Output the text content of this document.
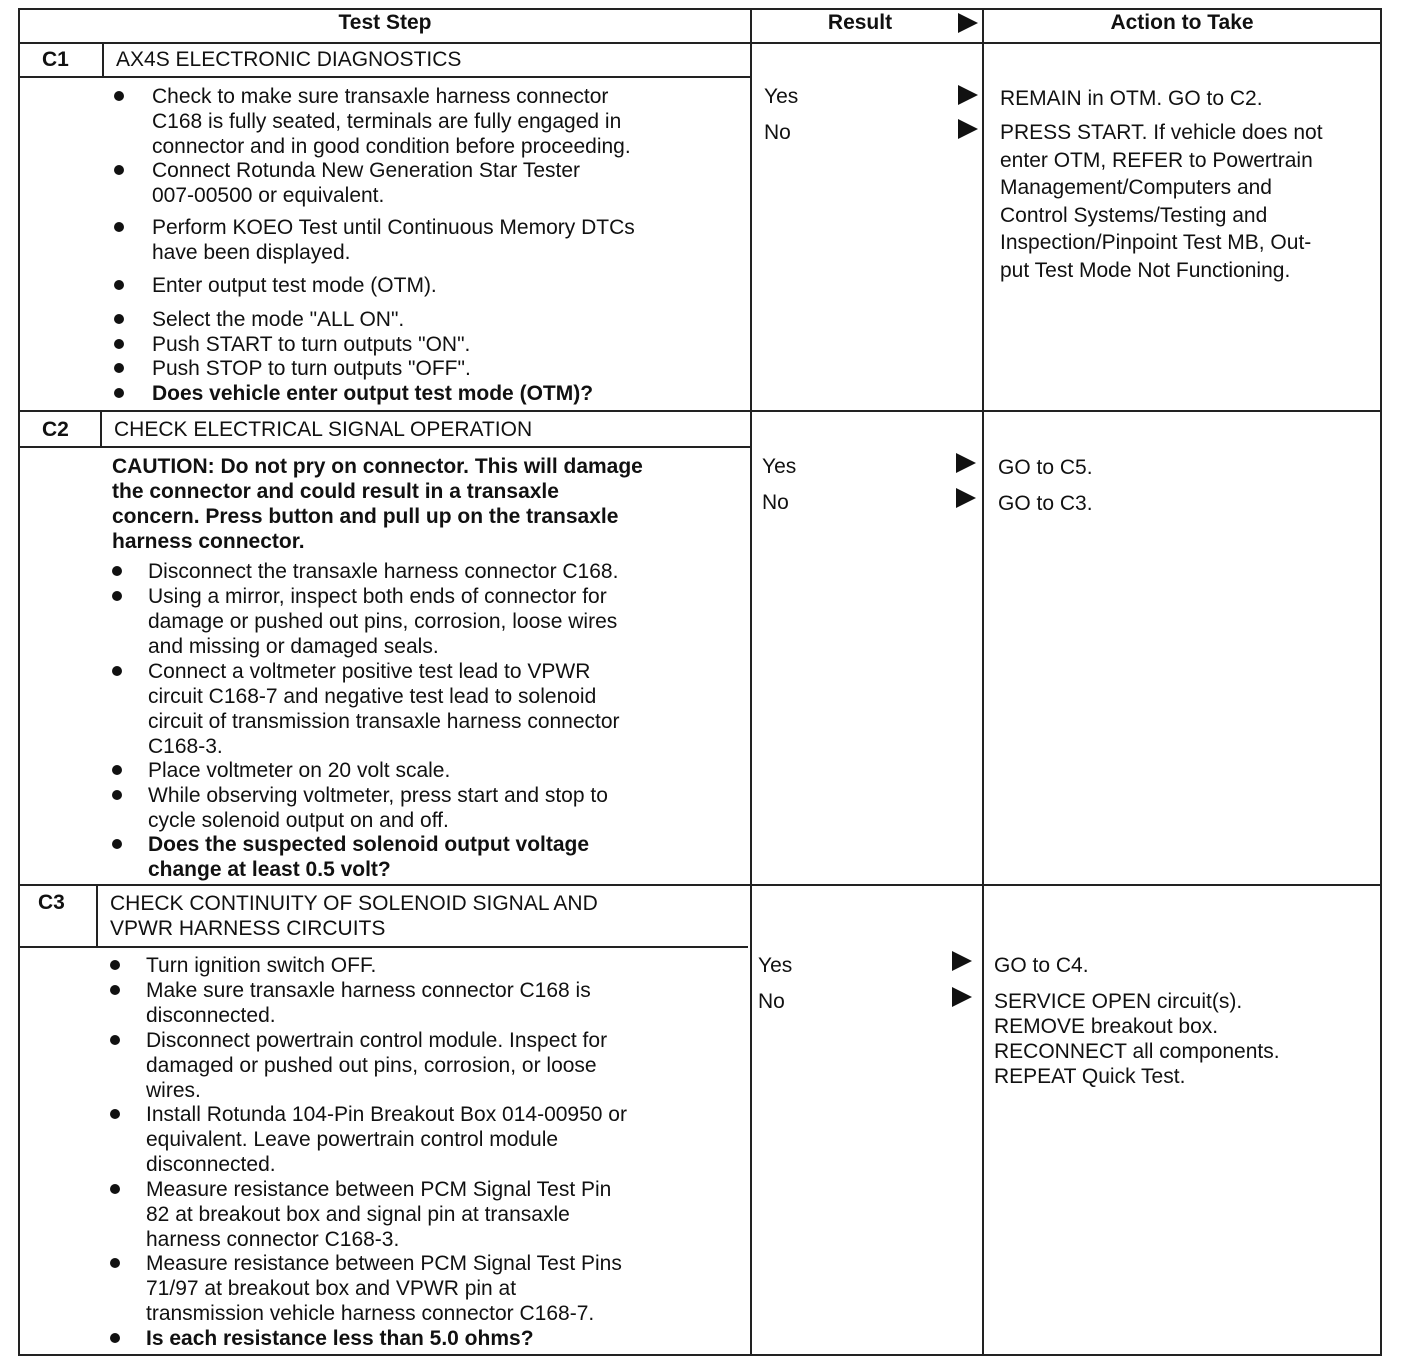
Test Step	Result	Action to Take
C1 AX4S ELECTRONIC DIAGNOSTICS
Check to make sure transaxle harness connector
C168 is fully seated, terminals are fully engaged in
connector and in good condition before proceeding.
Connect Rotunda New Generation Star Tester
007-00500 or equivalent.
Perform KOEO Test until Continuous Memory DTCs
have been displayed.
Enter output test mode (OTM).
Select the mode "ALL ON".
Push START to turn outputs "ON".
Push STOP to turn outputs "OFF".
Does vehicle enter output test mode (OTM)?
Yes
No
REMAIN in OTM. GO to C2.
PRESS START. If vehicle does not
enter OTM, REFER to Powertrain
Management/Computers and
Control Systems/Testing and
Inspection/Pinpoint Test MB, Out-
put Test Mode Not Functioning.
C2 CHECK ELECTRICAL SIGNAL OPERATION
CAUTION: Do not pry on connector. This will damage
the connector and could result in a transaxle
concern. Press button and pull up on the transaxle
harness connector.
Disconnect the transaxle harness connector C168.
Using a mirror, inspect both ends of connector for
damage or pushed out pins, corrosion, loose wires
and missing or damaged seals.
Connect a voltmeter positive test lead to VPWR
circuit C168-7 and negative test lead to solenoid
circuit of transmission transaxle harness connector
C168-3.
Place voltmeter on 20 volt scale.
While observing voltmeter, press start and stop to
cycle solenoid output on and off.
Does the suspected solenoid output voltage
change at least 0.5 volt?
Yes
No
GO to C5.
GO to C3.
C3 CHECK CONTINUITY OF SOLENOID SIGNAL AND
VPWR HARNESS CIRCUITS
Turn ignition switch OFF.
Make sure transaxle harness connector C168 is
disconnected.
Disconnect powertrain control module. Inspect for
damaged or pushed out pins, corrosion, or loose
wires.
Install Rotunda 104-Pin Breakout Box 014-00950 or
equivalent. Leave powertrain control module
disconnected.
Measure resistance between PCM Signal Test Pin
82 at breakout box and signal pin at transaxle
harness connector C168-3.
Measure resistance between PCM Signal Test Pins
71/97 at breakout box and VPWR pin at
transmission vehicle harness connector C168-7.
Is each resistance less than 5.0 ohms?
Yes
No
GO to C4.
SERVICE OPEN circuit(s).
REMOVE breakout box.
RECONNECT all components.
REPEAT Quick Test.
